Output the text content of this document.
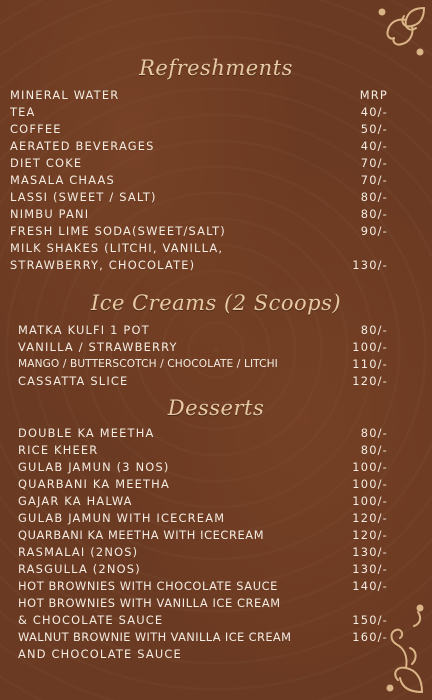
Refreshments
MINERAL WATER	MRP
TEA	40/-
COFFEE	50/-
AERATED BEVERAGES	40/-
DIET COKE	70/-
MASALA CHAAS	70/-
LASSI (SWEET / SALT)	80/-
NIMBU PANI	80/-
FRESH LIME SODA(SWEET/SALT)	90/-
MILK SHAKES (LITCHI, VANILLA,
STRAWBERRY, CHOCOLATE)	130/-
Ice Creams (2 Scoops)
MATKA KULFI 1 POT	80/-
VANILLA / STRAWBERRY	100/-
MANGO / BUTTERSCOTCH / CHOCOLATE / LITCHI	110/-
CASSATTA SLICE	120/-
Desserts
DOUBLE KA MEETHA	80/-
RICE KHEER	80/-
GULAB JAMUN (3 NOS)	100/-
QUARBANI KA MEETHA	100/-
GAJAR KA HALWA	100/-
GULAB JAMUN WITH ICECREAM	120/-
QUARBANI KA MEETHA WITH ICECREAM	120/-
RASMALAI (2NOS)	130/-
RASGULLA (2NOS)	130/-
HOT BROWNIES WITH CHOCOLATE SAUCE	140/-
HOT BROWNIES WITH VANILLA ICE CREAM
& CHOCOLATE SAUCE	150/-
WALNUT BROWNIE WITH VANILLA ICE CREAM	160/-
AND CHOCOLATE SAUCE
